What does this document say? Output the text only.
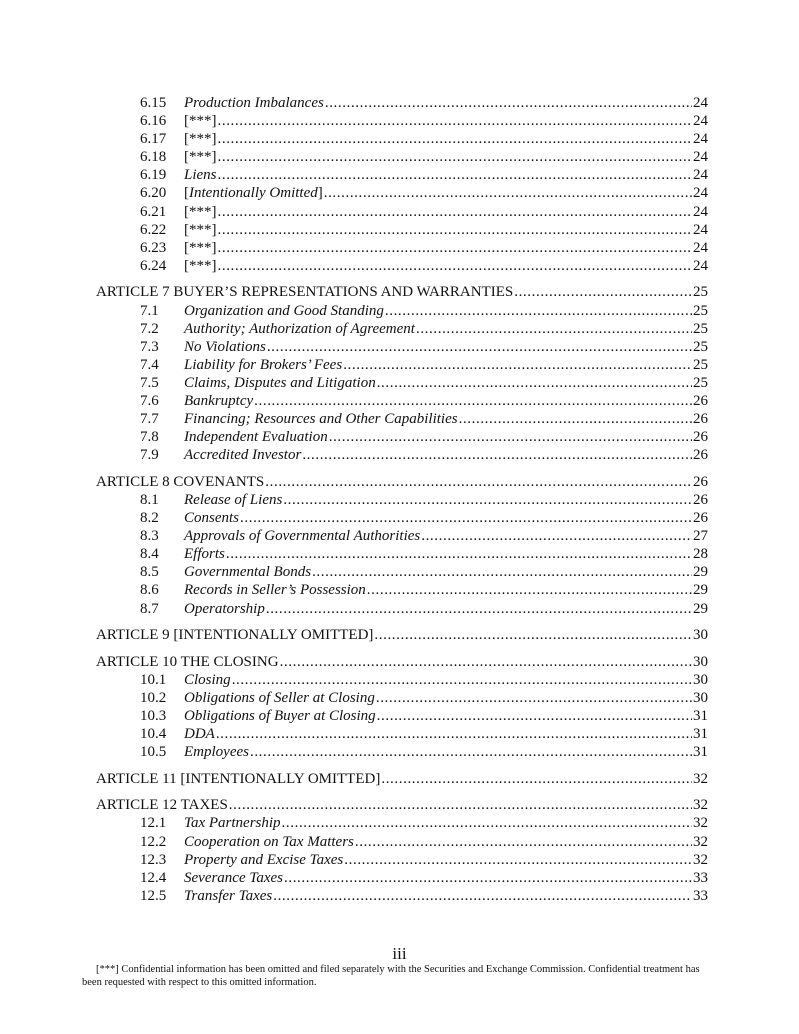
6.15	Production Imbalances .....	24
6.16	[***] .....	24
6.17	[***] .....	24
6.18	[***] .....	24
6.19	Liens .....	24
6.20	[Intentionally Omitted] .....	24
6.21	[***] .....	24
6.22	[***] .....	24
6.23	[***] .....	24
6.24	[***] .....	24
ARTICLE 7 BUYER’S REPRESENTATIONS AND WARRANTIES .....	25
7.1	Organization and Good Standing .....	25
7.2	Authority; Authorization of Agreement .....	25
7.3	No Violations .....	25
7.4	Liability for Brokers’ Fees .....	25
7.5	Claims, Disputes and Litigation .....	25
7.6	Bankruptcy .....	26
7.7	Financing; Resources and Other Capabilities .....	26
7.8	Independent Evaluation .....	26
7.9	Accredited Investor .....	26
ARTICLE 8 COVENANTS .....	26
8.1	Release of Liens .....	26
8.2	Consents .....	26
8.3	Approvals of Governmental Authorities .....	27
8.4	Efforts .....	28
8.5	Governmental Bonds .....	29
8.6	Records in Seller’s Possession .....	29
8.7	Operatorship .....	29
ARTICLE 9 [INTENTIONALLY OMITTED] .....	30
ARTICLE 10 THE CLOSING .....	30
10.1	Closing .....	30
10.2	Obligations of Seller at Closing .....	30
10.3	Obligations of Buyer at Closing .....	31
10.4	DDA .....	31
10.5	Employees .....	31
ARTICLE 11 [INTENTIONALLY OMITTED] .....	32
ARTICLE 12 TAXES .....	32
12.1	Tax Partnership .....	32
12.2	Cooperation on Tax Matters .....	32
12.3	Property and Excise Taxes .....	32
12.4	Severance Taxes .....	33
12.5	Transfer Taxes .....	33
iii
[***] Confidential information has been omitted and filed separately with the Securities and Exchange Commission. Confidential treatment has been requested with respect to this omitted information.
